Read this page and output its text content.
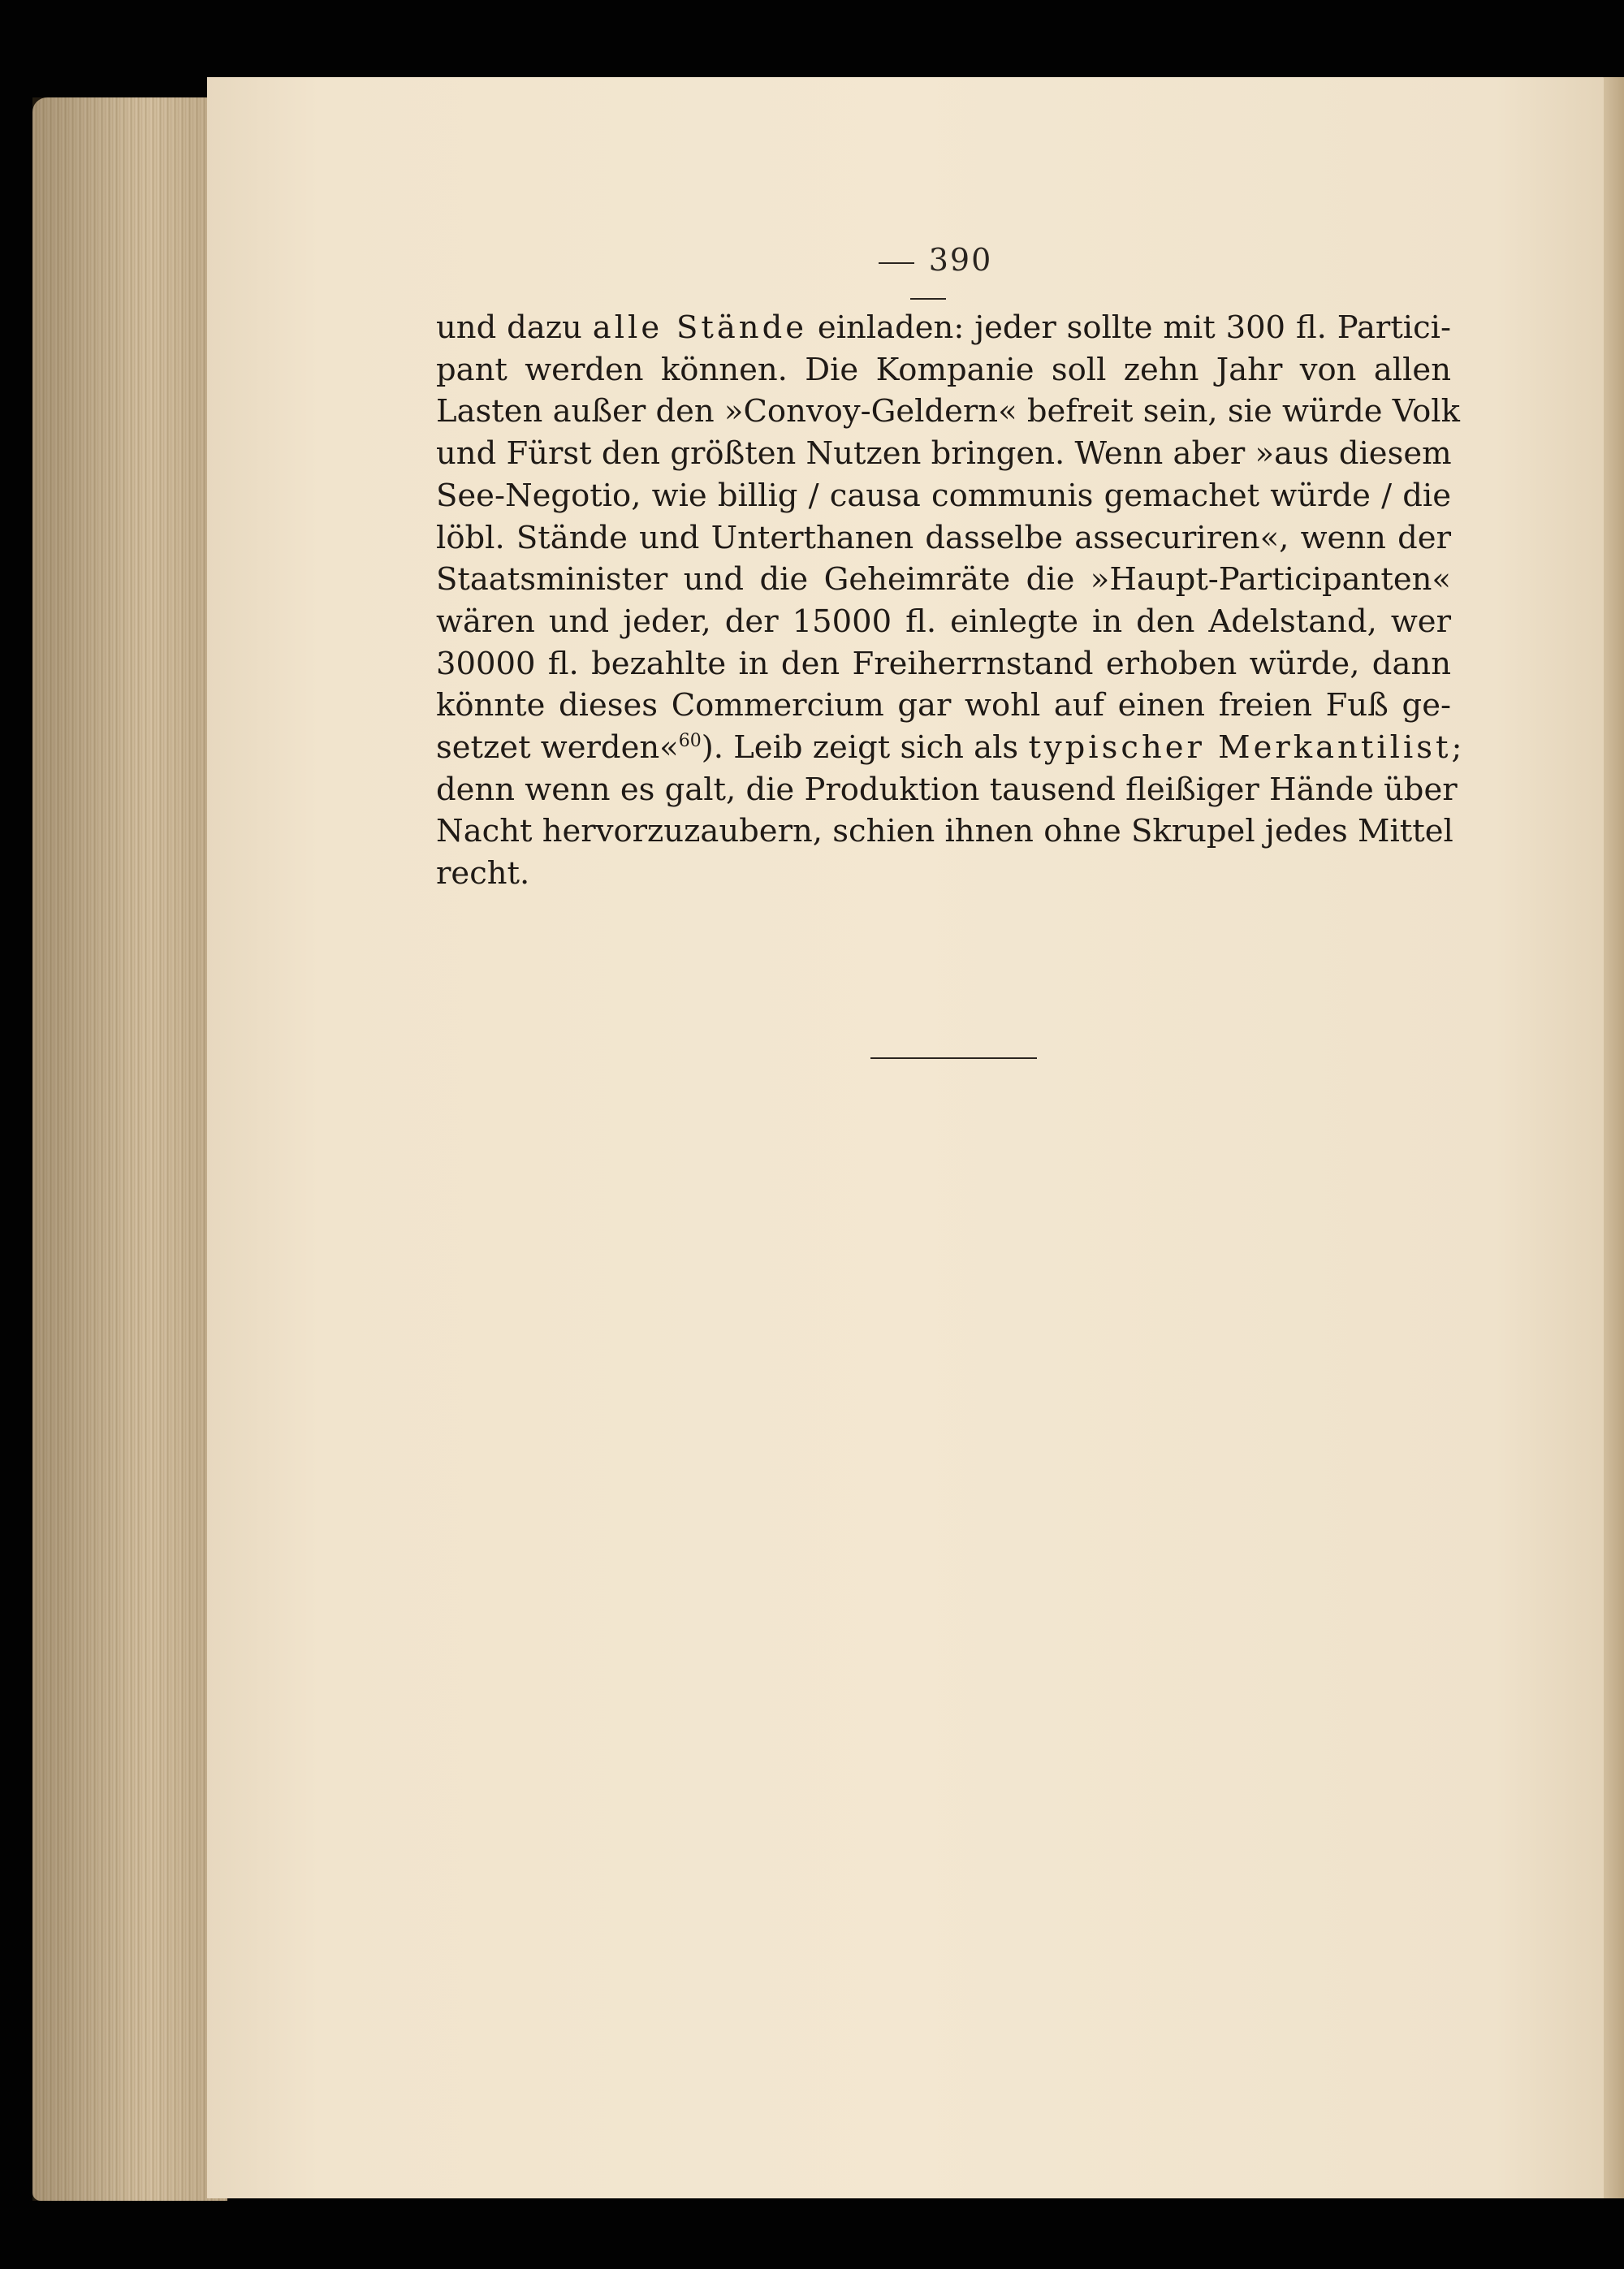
390
und dazu alle Stände einladen: jeder sollte mit 300 fl. Partici-
pant werden können. Die Kompanie soll zehn Jahr von allen
Lasten außer den »Convoy-Geldern« befreit sein, sie würde Volk
und Fürst den größten Nutzen bringen. Wenn aber »aus diesem
See-Negotio, wie billig / causa communis gemachet würde / die
löbl. Stände und Unterthanen dasselbe assecuriren«, wenn der
Staatsminister und die Geheimräte die »Haupt-Participanten«
wären und jeder, der 15000 fl. einlegte in den Adelstand, wer
30000 fl. bezahlte in den Freiherrnstand erhoben würde, dann
könnte dieses Commercium gar wohl auf einen freien Fuß ge-
setzet werden«$^{60}$). Leib zeigt sich als typischer Merkantilist;
denn wenn es galt, die Produktion tausend fleißiger Hände über
Nacht hervorzuzaubern, schien ihnen ohne Skrupel jedes Mittel
recht.
